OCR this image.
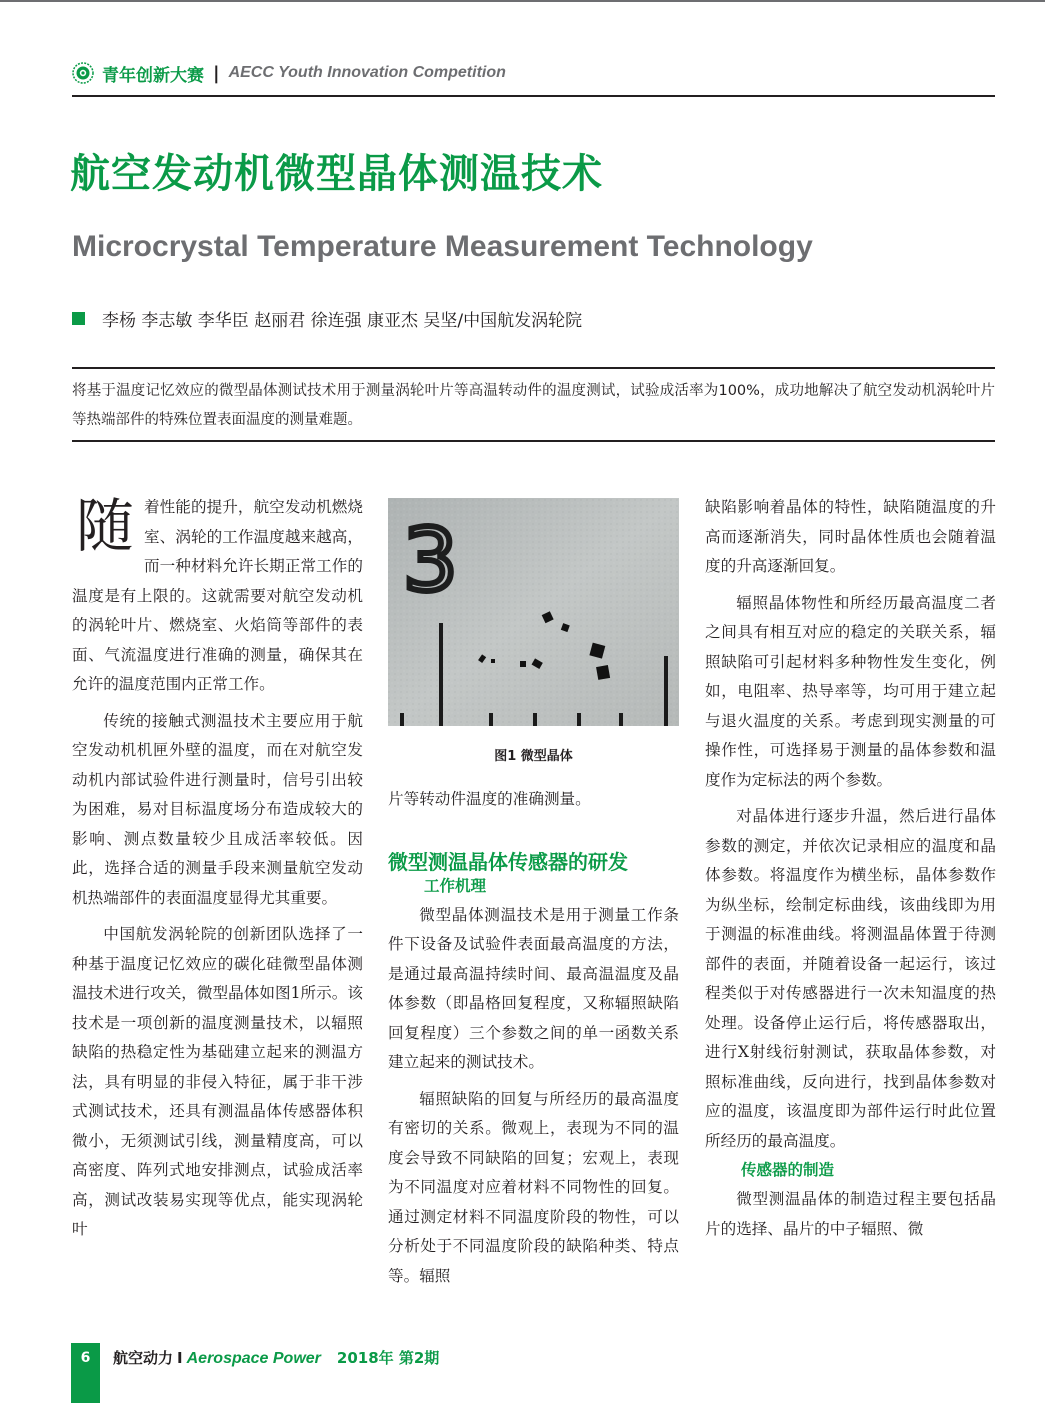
青年创新大赛 | AECC Youth Innovation Competition
航空发动机微型晶体测温技术
Microcrystal Temperature Measurement Technology
李杨 李志敏 李华臣 赵丽君 徐连强 康亚杰 吴坚/中国航发涡轮院
将基于温度记忆效应的微型晶体测试技术用于测量涡轮叶片等高温转动件的温度测试，试验成活率为100%，成功地解决了航空发动机涡轮叶片等热端部件的特殊位置表面温度的测量难题。

随着性能的提升，航空发动机燃烧室、涡轮的工作温度越来越高，而一种材料允许长期正常工作的温度是有上限的。这就需要对航空发动机的涡轮叶片、燃烧室、火焰筒等部件的表面、气流温度进行准确的测量，确保其在允许的温度范围内正常工作。

传统的接触式测温技术主要应用于航空发动机机匣外壁的温度，而在对航空发动机内部试验件进行测量时，信号引出较为困难，易对目标温度场分布造成较大的影响、测点数量较少且成活率较低。因此，选择合适的测量手段来测量航空发动机热端部件的表面温度显得尤其重要。

中国航发涡轮院的创新团队选择了一种基于温度记忆效应的碳化硅微型晶体测温技术进行攻关，微型晶体如图1所示。该技术是一项创新的温度测量技术，以辐照缺陷的热稳定性为基础建立起来的测温方法，具有明显的非侵入特征，属于非干涉式测试技术，还具有测温晶体传感器体积微小，无须测试引线，测量精度高，可以高密度、阵列式地安排测点，试验成活率高，测试改装易实现等优点，能实现涡轮叶

3
图1 微型晶体

片等转动件温度的准确测量。

微型测温晶体传感器的研发

工作机理

微型晶体测温技术是用于测量工作条件下设备及试验件表面最高温度的方法，是通过最高温持续时间、最高温温度及晶体参数（即晶格回复程度，又称辐照缺陷回复程度）三个参数之间的单一函数关系建立起来的测试技术。

辐照缺陷的回复与所经历的最高温度有密切的关系。微观上，表现为不同的温度会导致不同缺陷的回复；宏观上，表现为不同温度对应着材料不同物性的回复。通过测定材料不同温度阶段的物性，可以分析处于不同温度阶段的缺陷种类、特点等。辐照

缺陷影响着晶体的特性，缺陷随温度的升高而逐渐消失，同时晶体性质也会随着温度的升高逐渐回复。

辐照晶体物性和所经历最高温度二者之间具有相互对应的稳定的关联关系，辐照缺陷可引起材料多种物性发生变化，例如，电阻率、热导率等，均可用于建立起与退火温度的关系。考虑到现实测量的可操作性，可选择易于测量的晶体参数和温度作为定标法的两个参数。

对晶体进行逐步升温，然后进行晶体参数的测定，并依次记录相应的温度和晶体参数。将温度作为横坐标，晶体参数作为纵坐标，绘制定标曲线，该曲线即为用于测温的标准曲线。将测温晶体置于待测部件的表面，并随着设备一起运行，该过程类似于对传感器进行一次未知温度的热处理。设备停止运行后，将传感器取出，进行X射线衍射测试，获取晶体参数，对照标准曲线，反向进行，找到晶体参数对应的温度，该温度即为部件运行时此位置所经历的最高温度。

传感器的制造

微型测温晶体的制造过程主要包括晶片的选择、晶片的中子辐照、微

6	航空动力 I Aerospace Power 2018年 第2期
